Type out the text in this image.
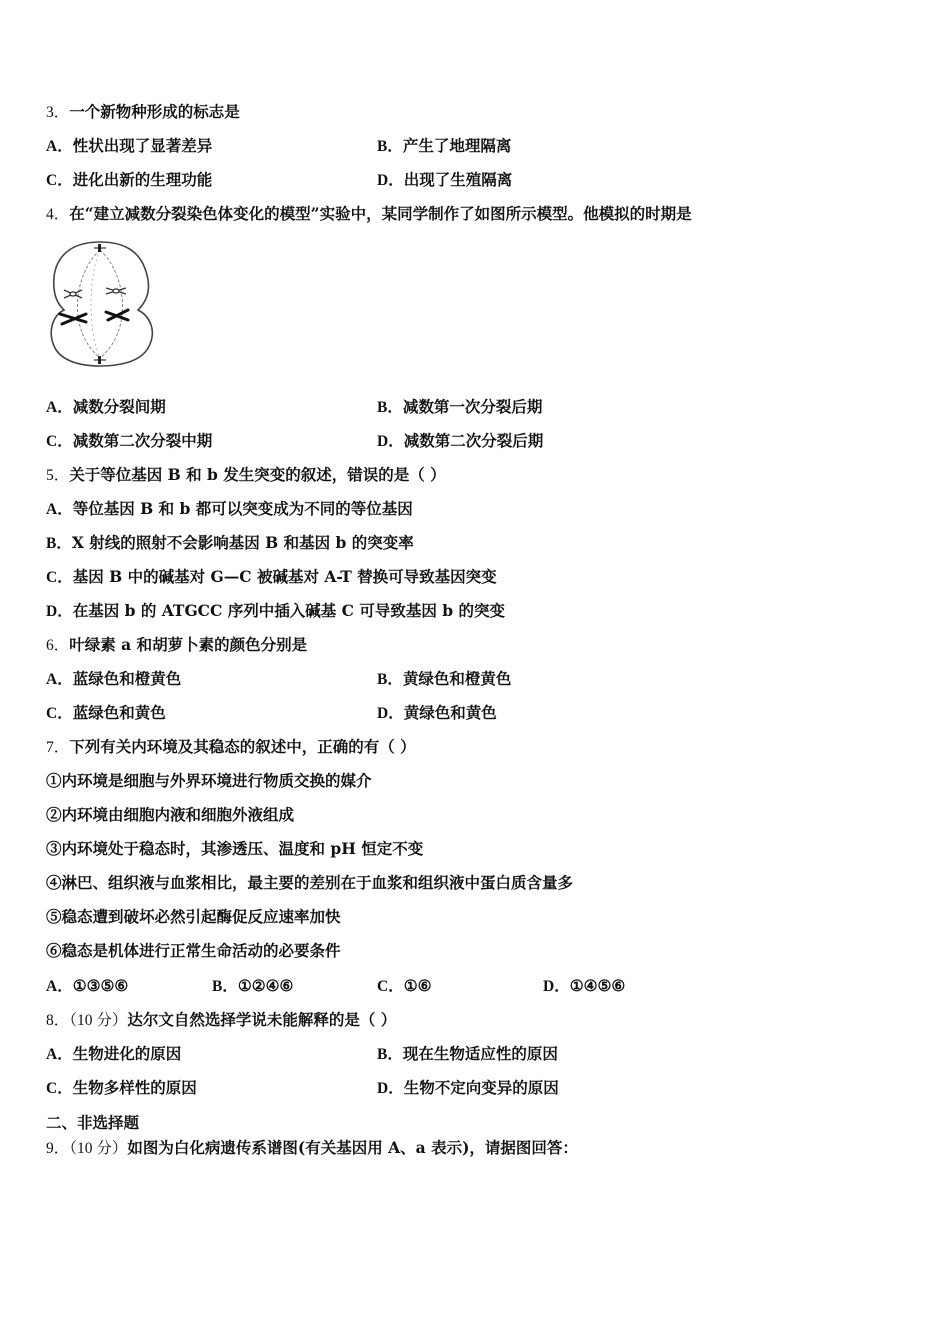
3．一个新物种形成的标志是
A．性状出现了显著差异	B．产生了地理隔离
C．进化出新的生理功能	D．出现了生殖隔离
4．在“建立减数分裂染色体变化的模型”实验中，某同学制作了如图所示模型。他模拟的时期是
A．减数分裂间期	B．减数第一次分裂后期
C．减数第二次分裂中期	D．减数第二次分裂后期
5．关于等位基因 B 和 b 发生突变的叙述，错误的是（ ）
A．等位基因 B 和 b 都可以突变成为不同的等位基因
B．X 射线的照射不会影响基因 B 和基因 b 的突变率
C．基因 B 中的碱基对 G—C 被碱基对 A-T 替换可导致基因突变
D．在基因 b 的 ATGCC 序列中插入碱基 C 可导致基因 b 的突变
6．叶绿素 a 和胡萝卜素的颜色分别是
A．蓝绿色和橙黄色	B．黄绿色和橙黄色
C．蓝绿色和黄色	D．黄绿色和黄色
7．下列有关内环境及其稳态的叙述中，正确的有（ ）
①内环境是细胞与外界环境进行物质交换的媒介
②内环境由细胞内液和细胞外液组成
③内环境处于稳态时，其渗透压、温度和 pH 恒定不变
④淋巴、组织液与血浆相比，最主要的差别在于血浆和组织液中蛋白质含量多
⑤稳态遭到破坏必然引起酶促反应速率加快
⑥稳态是机体进行正常生命活动的必要条件
A．①③⑤⑥	B．①②④⑥	C．①⑥	D．①④⑤⑥
8．（10 分）达尔文自然选择学说未能解释的是（ ）
A．生物进化的原因	B．现在生物适应性的原因
C．生物多样性的原因	D．生物不定向变异的原因
二、非选择题
9．（10 分）如图为白化病遗传系谱图(有关基因用 A、a 表示)，请据图回答：
